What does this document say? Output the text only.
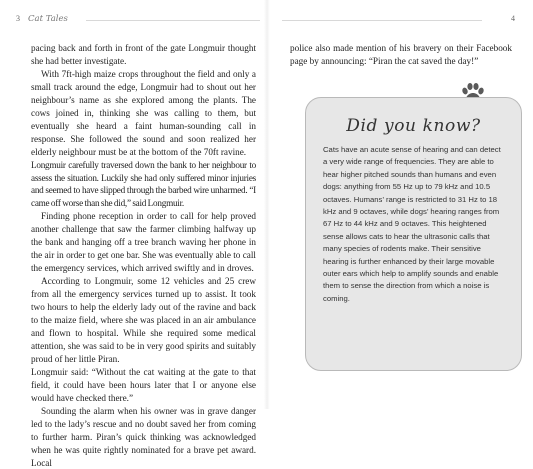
3 Cat Tales

pacing back and forth in front of the gate Longmuir thought she had better investigate.

With 7ft-high maize crops throughout the field and only a small track around the edge, Longmuir had to shout out her neighbour’s name as she explored among the plants. The cows joined in, thinking she was calling to them, but eventually she heard a faint human-sounding call in response. She followed the sound and soon realized her elderly neighbour must be at the bottom of the 70ft ravine.

Longmuir carefully traversed down the bank to her neighbour to assess the situation. Luckily she had only suffered minor injuries and seemed to have slipped through the barbed wire unharmed. “I came off worse than she did,” said Longmuir.

Finding phone reception in order to call for help proved another challenge that saw the farmer climbing halfway up the bank and hanging off a tree branch waving her phone in the air in order to get one bar. She was eventually able to call the emergency services, which arrived swiftly and in droves.

According to Longmuir, some 12 vehicles and 25 crew from all the emergency services turned up to assist. It took two hours to help the elderly lady out of the ravine and back to the maize field, where she was placed in an air ambulance and flown to hospital. While she required some medical attention, she was said to be in very good spirits and suitably proud of her little Piran.

Longmuir said: “Without the cat waiting at the gate to that field, it could have been hours later that I or anyone else would have checked there.”

Sounding the alarm when his owner was in grave danger led to the lady’s rescue and no doubt saved her from coming to further harm. Piran’s quick thinking was acknowledged when he was quite rightly nominated for a brave pet award. Local

4

police also made mention of his bravery on their Facebook page by announcing: “Piran the cat saved the day!”

Did you know?
Cats have an acute sense of hearing and can detect a very wide range of frequencies. They are able to hear higher pitched sounds than humans and even dogs: anything from 55 Hz up to 79 kHz and 10.5 octaves. Humans’ range is restricted to 31 Hz to 18 kHz and 9 octaves, while dogs’ hearing ranges from 67 Hz to 44 kHz and 9 octaves. This heightened sense allows cats to hear the ultrasonic calls that many species of rodents make. Their sensitive hearing is further enhanced by their large movable outer ears which help to amplify sounds and enable them to sense the direction from which a noise is coming.
